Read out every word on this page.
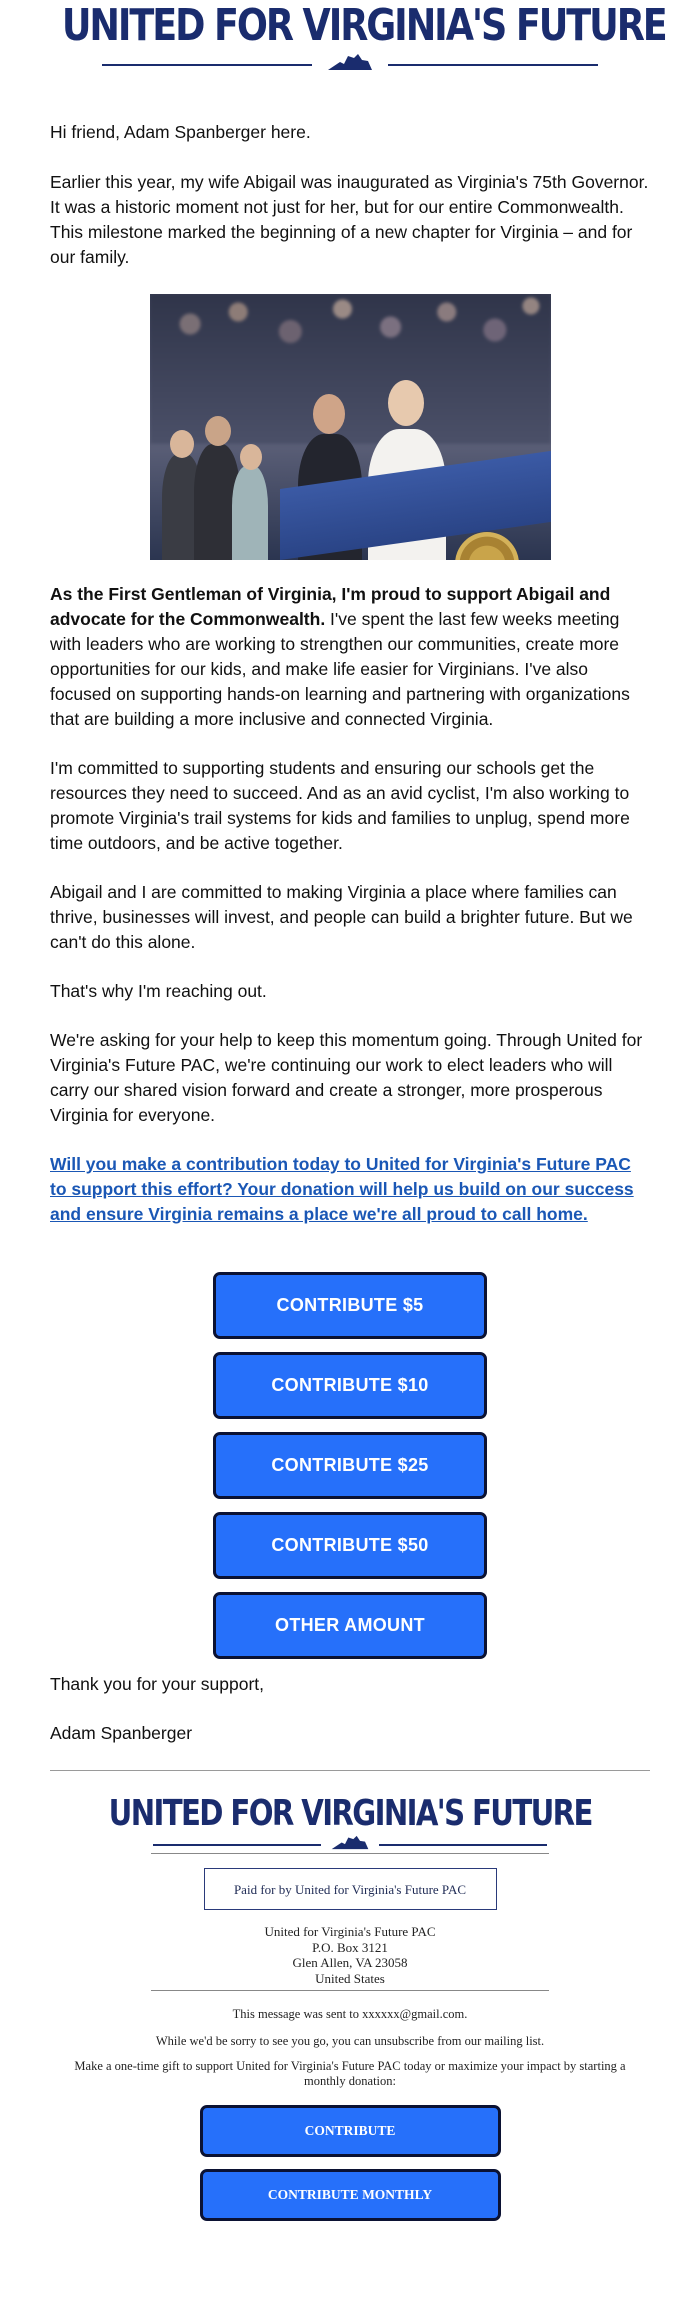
UNITED FOR VIRGINIA'S FUTURE

Hi friend, Adam Spanberger here.

Earlier this year, my wife Abigail was inaugurated as Virginia's 75th Governor. It was a historic moment not just for her, but for our entire Commonwealth. This milestone marked the beginning of a new chapter for Virginia – and for our family.

As the First Gentleman of Virginia, I'm proud to support Abigail and advocate for the Commonwealth. I've spent the last few weeks meeting with leaders who are working to strengthen our communities, create more opportunities for our kids, and make life easier for Virginians. I've also focused on supporting hands-on learning and partnering with organizations that are building a more inclusive and connected Virginia.

I'm committed to supporting students and ensuring our schools get the resources they need to succeed. And as an avid cyclist, I'm also working to promote Virginia's trail systems for kids and families to unplug, spend more time outdoors, and be active together.

Abigail and I are committed to making Virginia a place where families can thrive, businesses will invest, and people can build a brighter future. But we can't do this alone.

That's why I'm reaching out.

We're asking for your help to keep this momentum going. Through United for Virginia's Future PAC, we're continuing our work to elect leaders who will carry our shared vision forward and create a stronger, more prosperous Virginia for everyone.

Will you make a contribution today to United for Virginia's Future PAC to support this effort? Your donation will help us build on our success and ensure Virginia remains a place we're all proud to call home.
CONTRIBUTE $5
CONTRIBUTE $10
CONTRIBUTE $25
CONTRIBUTE $50
OTHER AMOUNT

Thank you for your support,

Adam Spanberger

UNITED FOR VIRGINIA'S FUTURE
Paid for by United for Virginia's Future PAC
United for Virginia's Future PAC
P.O. Box 3121
Glen Allen, VA 23058
United States

This message was sent to xxxxxx@gmail.com.

While we'd be sorry to see you go, you can unsubscribe from our mailing list.

Make a one-time gift to support United for Virginia's Future PAC today or maximize your impact by starting a monthly donation:

CONTRIBUTE
CONTRIBUTE MONTHLY
